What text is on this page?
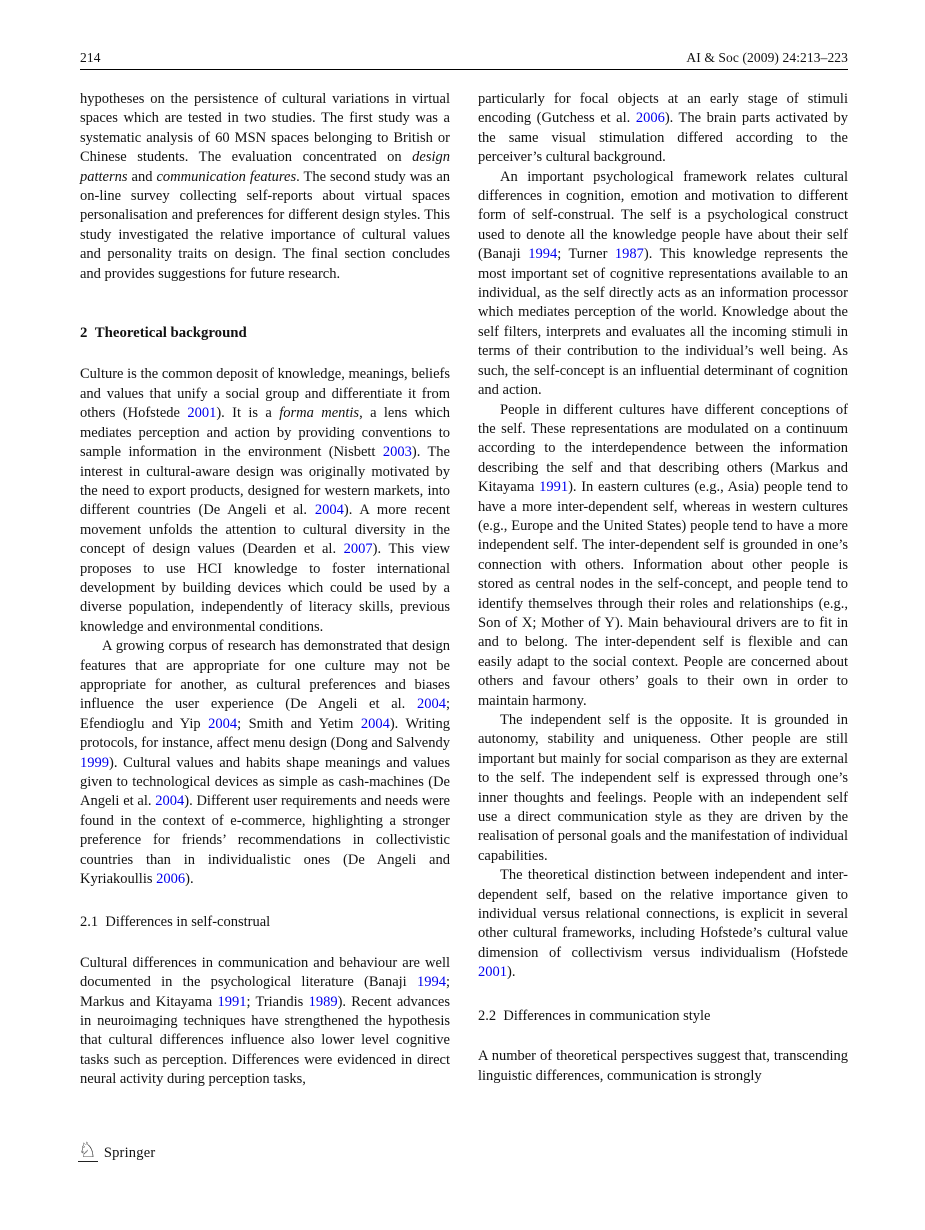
214	AI & Soc (2009) 24:213–223

hypotheses on the persistence of cultural variations in virtual spaces which are tested in two studies. The first study was a systematic analysis of 60 MSN spaces belonging to British or Chinese students. The evaluation concentrated on design patterns and communication features. The second study was an on-line survey collecting self-reports about virtual spaces personalisation and preferences for different design styles. This study investigated the relative importance of cultural values and personality traits on design. The final section concludes and provides suggestions for future research.

2 Theoretical background

Culture is the common deposit of knowledge, meanings, beliefs and values that unify a social group and differentiate it from others (Hofstede 2001). It is a forma mentis, a lens which mediates perception and action by providing conventions to sample information in the environment (Nisbett 2003). The interest in cultural-aware design was originally motivated by the need to export products, designed for western markets, into different countries (De Angeli et al. 2004). A more recent movement unfolds the attention to cultural diversity in the concept of design values (Dearden et al. 2007). This view proposes to use HCI knowledge to foster international development by building devices which could be used by a diverse population, independently of literacy skills, previous knowledge and environmental conditions.

A growing corpus of research has demonstrated that design features that are appropriate for one culture may not be appropriate for another, as cultural preferences and biases influence the user experience (De Angeli et al. 2004; Efendioglu and Yip 2004; Smith and Yetim 2004). Writing protocols, for instance, affect menu design (Dong and Salvendy 1999). Cultural values and habits shape meanings and values given to technological devices as simple as cash-machines (De Angeli et al. 2004). Different user requirements and needs were found in the context of e-commerce, highlighting a stronger preference for friends’ recommendations in collectivistic countries than in individualistic ones (De Angeli and Kyriakoullis 2006).

2.1 Differences in self-construal

Cultural differences in communication and behaviour are well documented in the psychological literature (Banaji 1994; Markus and Kitayama 1991; Triandis 1989). Recent advances in neuroimaging techniques have strengthened the hypothesis that cultural differences influence also lower level cognitive tasks such as perception. Differences were evidenced in direct neural activity during perception tasks,

particularly for focal objects at an early stage of stimuli encoding (Gutchess et al. 2006). The brain parts activated by the same visual stimulation differed according to the perceiver’s cultural background.

An important psychological framework relates cultural differences in cognition, emotion and motivation to different form of self-construal. The self is a psychological construct used to denote all the knowledge people have about their self (Banaji 1994; Turner 1987). This knowledge represents the most important set of cognitive representations available to an individual, as the self directly acts as an information processor which mediates perception of the world. Knowledge about the self filters, interprets and evaluates all the incoming stimuli in terms of their contribution to the individual’s well being. As such, the self-concept is an influential determinant of cognition and action.

People in different cultures have different conceptions of the self. These representations are modulated on a continuum according to the interdependence between the information describing the self and that describing others (Markus and Kitayama 1991). In eastern cultures (e.g., Asia) people tend to have a more inter-dependent self, whereas in western cultures (e.g., Europe and the United States) people tend to have a more independent self. The inter-dependent self is grounded in one’s connection with others. Information about other people is stored as central nodes in the self-concept, and people tend to identify themselves through their roles and relationships (e.g., Son of X; Mother of Y). Main behavioural drivers are to fit in and to belong. The inter-dependent self is flexible and can easily adapt to the social context. People are concerned about others and favour others’ goals to their own in order to maintain harmony.

The independent self is the opposite. It is grounded in autonomy, stability and uniqueness. Other people are still important but mainly for social comparison as they are external to the self. The independent self is expressed through one’s inner thoughts and feelings. People with an independent self use a direct communication style as they are driven by the realisation of personal goals and the manifestation of individual capabilities.

The theoretical distinction between independent and inter-dependent self, based on the relative importance given to individual versus relational connections, is explicit in several other cultural frameworks, including Hofstede’s cultural value dimension of collectivism versus individualism (Hofstede 2001).

2.2 Differences in communication style

A number of theoretical perspectives suggest that, transcending linguistic differences, communication is strongly

♘ Springer
